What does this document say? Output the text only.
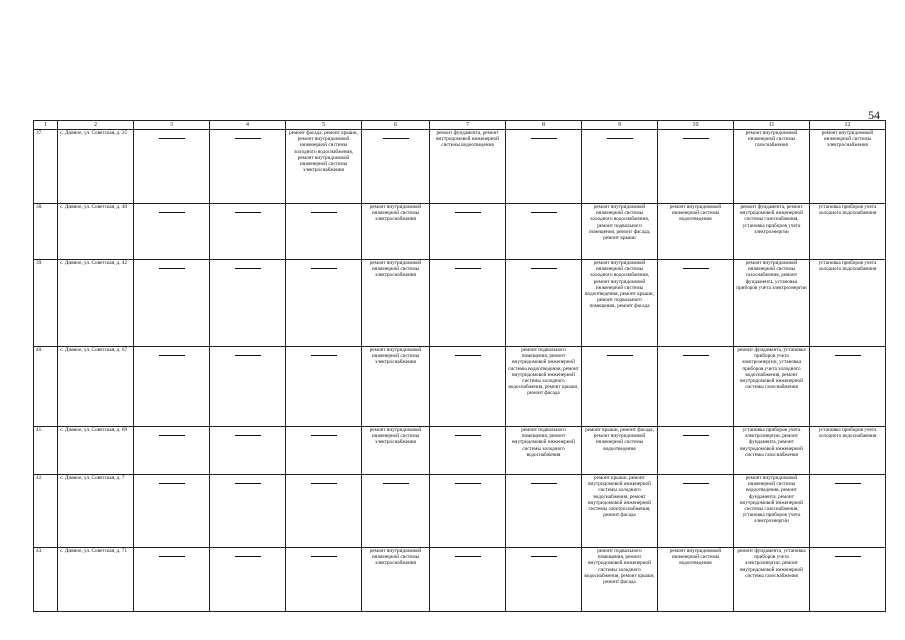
54
1	2	3	4	5	6	7	8	9	10	11	12
37.	с. Дивное, ул. Советская, д. 25			ремонт фасада, ремонт крыши, ремонт внутридомовой инженерной системы холодного водоснабжения, ремонт внутридомовой инженерной системы электроснабжения		ремонт фундамента, ремонт внутридомовой инженерной системы водоотведения				ремонт внутридомовой инженерной системы газоснабжения	ремонт внутридомовой инженерной системы электроснабжения
38.	с. Дивное, ул. Советская, д. 40				ремонт внутридомовой инженерной системы электроснабжения			ремонт внутридомовой инженерной системы холодного водоснабжения, ремонт подвального помещения, ремонт фасада, ремонт крыши	ремонт внутридомовой инженерной системы водоотведения	ремонт фундамента, ремонт внутридомовой инженерной системы газоснабжения, установка приборов учета электроэнергии	установка приборов учета холодного водоснабжения
39.	с. Дивное, ул. Советская, д. 42				ремонт внутридомовой инженерной системы электроснабжения			ремонт внутридомовой инженерной системы холодного водоснабжения, ремонт внутридомовой инженерной системы водоотведения, ремонт крыши, ремонт подвального помещения, ремонт фасада		ремонт внутридомовой инженерной системы газоснабжения, ремонт фундамента, установка приборов учета электроэнергии	установка приборов учета холодного водоснабжения
40.	с. Дивное, ул. Советская, д. 67				ремонт внутридомовой инженерной системы электроснабжения		ремонт подвального помещения, ремонт внутридомовой инженерной системы водоотведения, ремонт внутридомовой инженерной системы холодного водоснабжения, ремонт крыши, ремонт фасада			ремонт фундамента, установка приборов учета электроэнергии, установка приборов учета холодного водоснабжения, ремонт внутридомовой инженерной системы газоснабжения	
41.	с. Дивное, ул. Советская, д. 69				ремонт внутридомовой инженерной системы электроснабжения		ремонт подвального помещения, ремонт внутридомовой инженерной системы холодного водоснабжения	ремонт крыши, ремонт фасада, ремонт внутридомовой инженерной системы водоотведения		установка приборов учета электроэнергии, ремонт фундамента, ремонт внутридомовой инженерной системы газоснабжения	установка приборов учета холодного водоснабжения
42.	с. Дивное, ул. Советская, д. 7							ремонт крыши, ремонт внутридомовой инженерной системы холодного водоснабжения, ремонт внутридомовой инженерной системы электроснабжения, ремонт фасада		ремонт внутридомовой инженерной системы водоотведения, ремонт фундамента, ремонт внутридомовой инженерной системы газоснабжения, установка приборов учета электроэнергии	
43.	с. Дивное, ул. Советская, д. 71				ремонт внутридомовой инженерной системы электроснабжения			ремонт подвального помещения, ремонт внутридомовой инженерной системы холодного водоснабжения, ремонт крыши, ремонт фасада	ремонт внутридомовой инженерной системы водоотведения	ремонт фундамента, установка приборов учета электроэнергии, ремонт внутридомовой инженерной системы газоснабжения	
